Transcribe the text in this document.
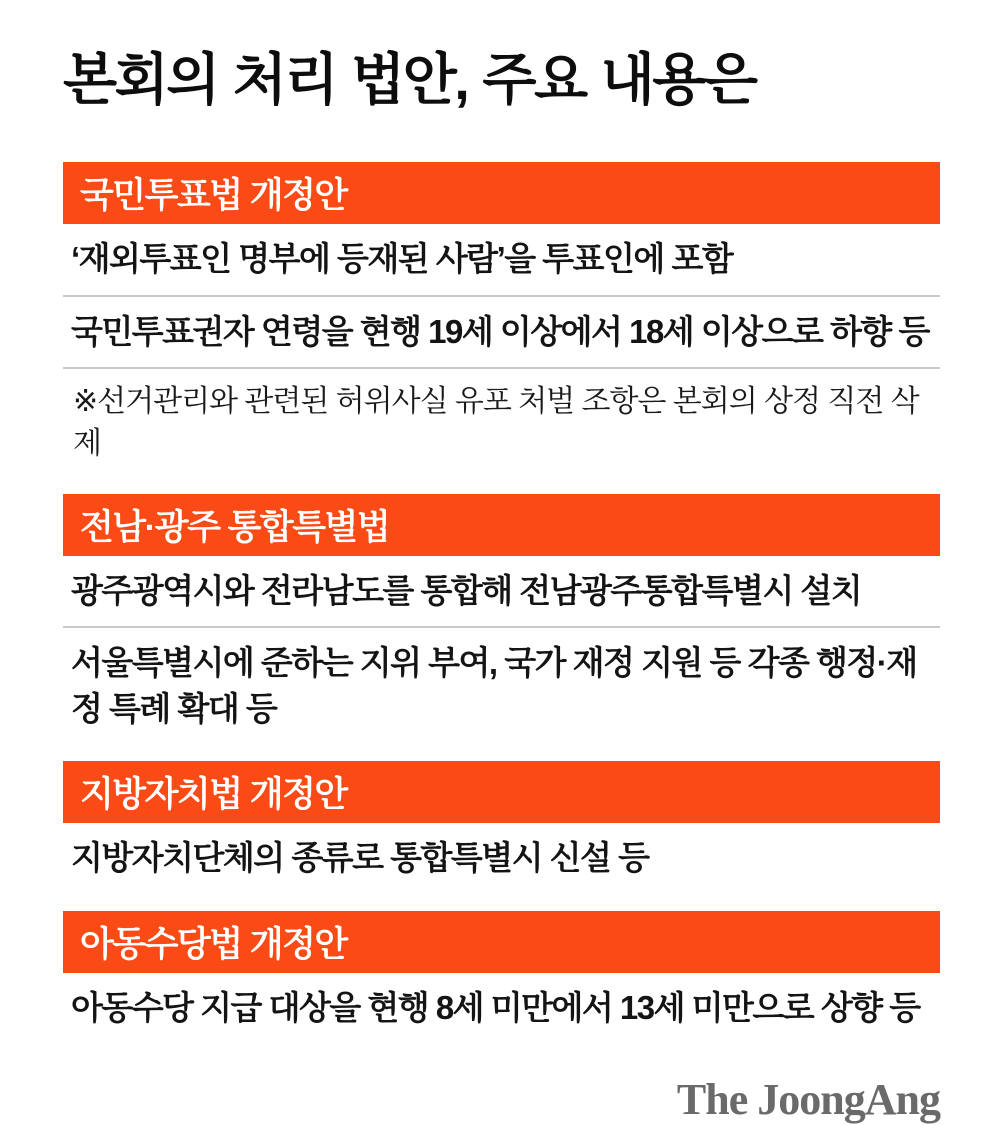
본회의 처리 법안, 주요 내용은
국민투표법 개정안
‘재외투표인 명부에 등재된 사람’을 투표인에 포함
국민투표권자 연령을 현행 19세 이상에서 18세 이상으로 하향 등
※선거관리와 관련된 허위사실 유포 처벌 조항은 본회의 상정 직전 삭제
전남·광주 통합특별법
광주광역시와 전라남도를 통합해 전남광주통합특별시 설치
서울특별시에 준하는 지위 부여, 국가 재정 지원 등 각종 행정·재정 특례 확대 등
지방자치법 개정안
지방자치단체의 종류로 통합특별시 신설 등
아동수당법 개정안
아동수당 지급 대상을 현행 8세 미만에서 13세 미만으로 상향 등
The JoongAng
